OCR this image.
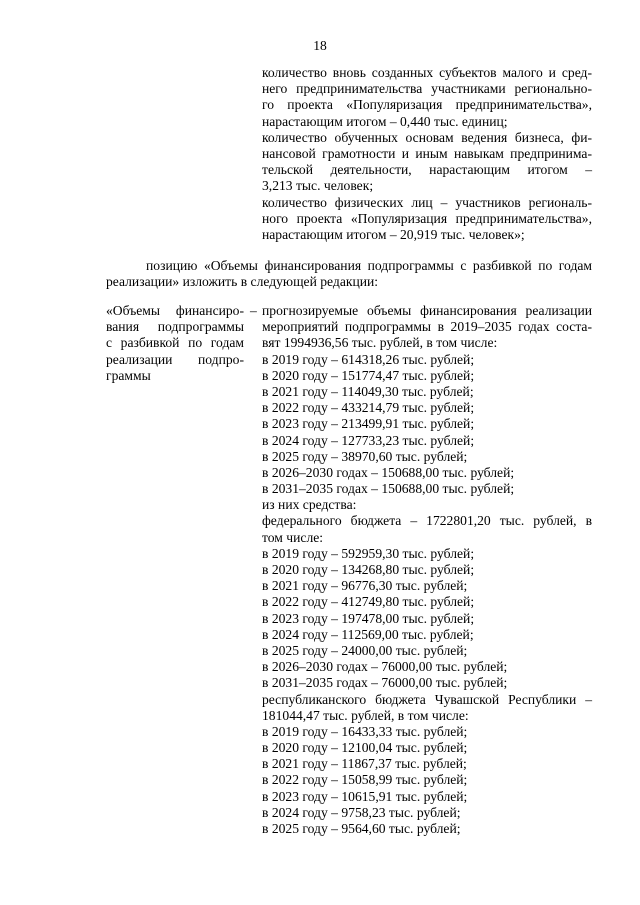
18
количество вновь созданных субъектов малого и сред-
него предпринимательства участниками регионально-
го проекта «Популяризация предпринимательства»,
нарастающим итогом – 0,440 тыс. единиц;
количество обученных основам ведения бизнеса, фи-
нансовой грамотности и иным навыкам предпринима-
тельской деятельности, нарастающим итогом –
3,213 тыс. человек;
количество физических лиц – участников региональ-
ного проекта «Популяризация предпринимательства»,
нарастающим итогом – 20,919 тыс. человек»;
позицию «Объемы финансирования подпрограммы с разбивкой по годам
реализации» изложить в следующей редакции:
«Объемы финансиро-
вания подпрограммы
с разбивкой по годам
реализации подпро-
граммы
– прогнозируемые объемы финансирования реализации
мероприятий подпрограммы в 2019–2035 годах соста-
вят 1994936,56 тыс. рублей, в том числе:
в 2019 году – 614318,26 тыс. рублей;
в 2020 году – 151774,47 тыс. рублей;
в 2021 году – 114049,30 тыс. рублей;
в 2022 году – 433214,79 тыс. рублей;
в 2023 году – 213499,91 тыс. рублей;
в 2024 году – 127733,23 тыс. рублей;
в 2025 году – 38970,60 тыс. рублей;
в 2026–2030 годах – 150688,00 тыс. рублей;
в 2031–2035 годах – 150688,00 тыс. рублей;
из них средства:
федерального бюджета – 1722801,20 тыс. рублей, в
том числе:
в 2019 году – 592959,30 тыс. рублей;
в 2020 году – 134268,80 тыс. рублей;
в 2021 году – 96776,30 тыс. рублей;
в 2022 году – 412749,80 тыс. рублей;
в 2023 году – 197478,00 тыс. рублей;
в 2024 году – 112569,00 тыс. рублей;
в 2025 году – 24000,00 тыс. рублей;
в 2026–2030 годах – 76000,00 тыс. рублей;
в 2031–2035 годах – 76000,00 тыс. рублей;
республиканского бюджета Чувашской Республики –
181044,47 тыс. рублей, в том числе:
в 2019 году – 16433,33 тыс. рублей;
в 2020 году – 12100,04 тыс. рублей;
в 2021 году – 11867,37 тыс. рублей;
в 2022 году – 15058,99 тыс. рублей;
в 2023 году – 10615,91 тыс. рублей;
в 2024 году – 9758,23 тыс. рублей;
в 2025 году – 9564,60 тыс. рублей;
